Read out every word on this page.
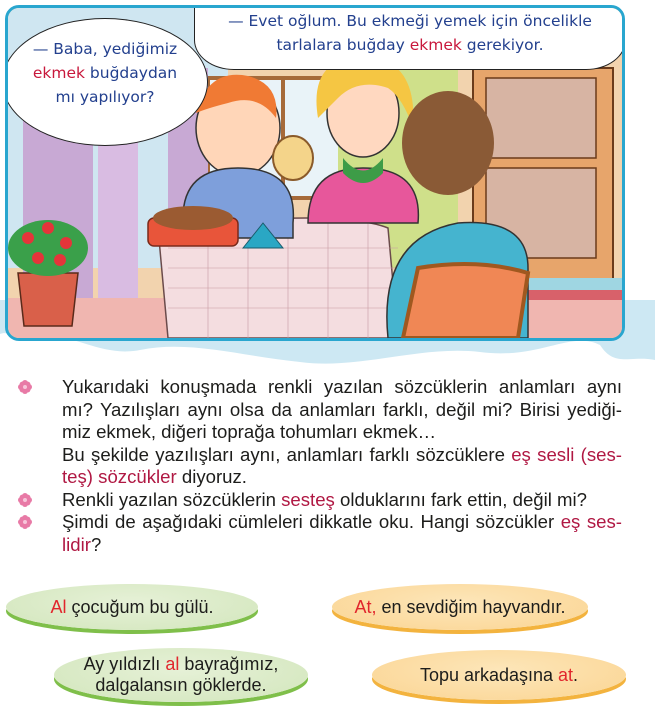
— Baba, yediğimiz
ekmek buğdaydan
mı yapılıyor?
— Evet oğlum. Bu ekmeği yemek için öncelikle
tarlalara buğday ekmek gerekiyor.
Yukarıdaki konuşmada renkli yazılan sözcüklerin anlamları aynı
mı? Yazılışları aynı olsa da anlamları farklı, değil mi? Birisi yediği-
miz ekmek, diğeri toprağa tohumları ekmek…
Bu şekilde yazılışları aynı, anlamları farklı sözcüklere eş sesli (ses-
teş) sözcükler diyoruz.
Renkli yazılan sözcüklerin sesteş olduklarını fark ettin, değil mi?
Şimdi de aşağıdaki cümleleri dikkatle oku. Hangi sözcükler eş ses-
lidir?
Al çocuğum bu gülü.	At, en sevdiğim hayvandır.
Ay yıldızlı al bayrağımız,
dalgalansın göklerde.
Topu arkadaşına at.
